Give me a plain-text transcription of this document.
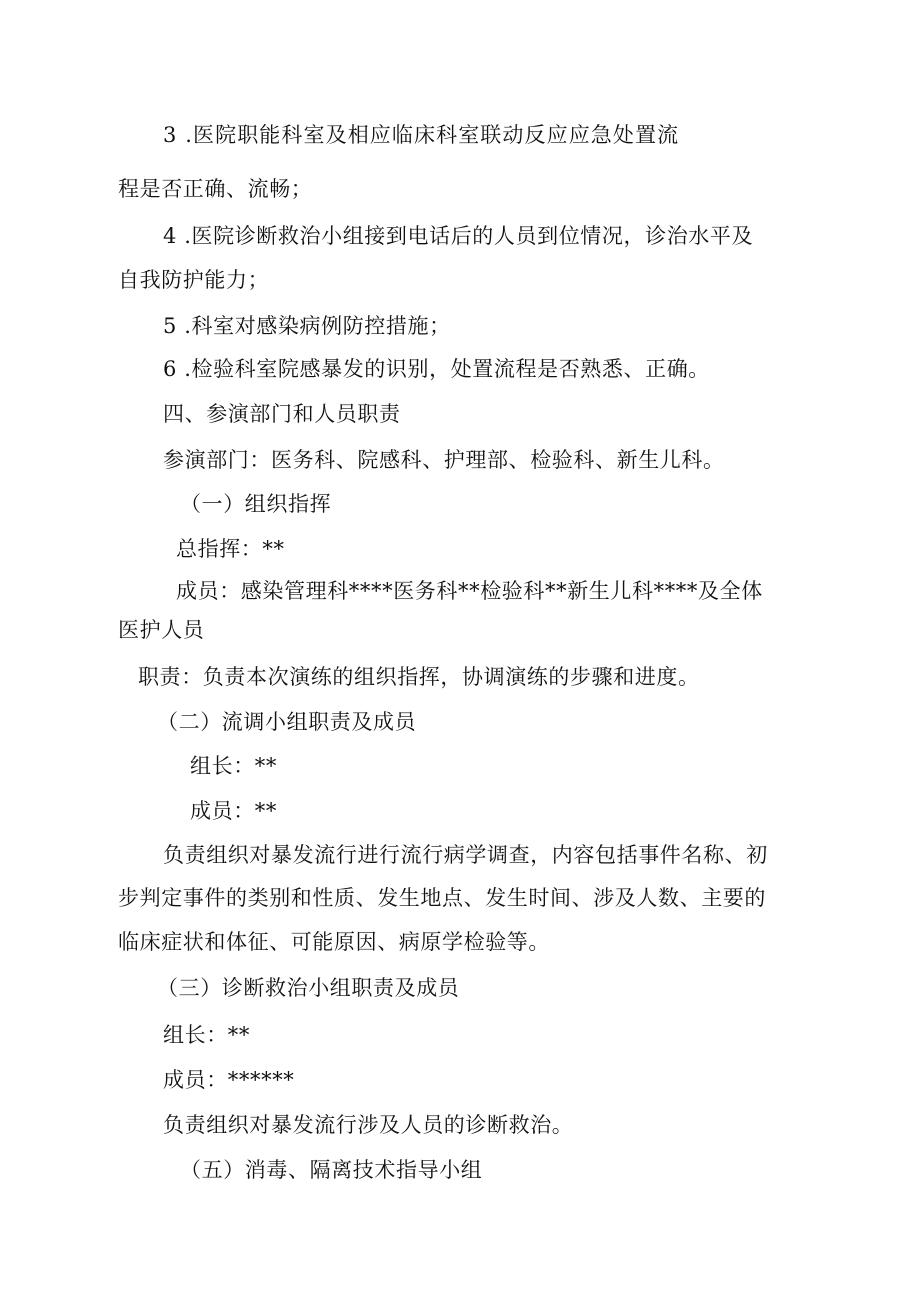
3 .医院职能科室及相应临床科室联动反应应急处置流
程是否正确、流畅；
4 .医院诊断救治小组接到电话后的人员到位情况，诊治水平及
自我防护能力；
5 .科室对感染病例防控措施；
6 .检验科室院感暴发的识别，处置流程是否熟悉、正确。
四、参演部门和人员职责
参演部门：医务科、院感科、护理部、检验科、新生儿科。
（一）组织指挥
总指挥：**
成员：感染管理科****医务科**检验科**新生儿科****及全体
医护人员
职责：负责本次演练的组织指挥，协调演练的步骤和进度。
（二）流调小组职责及成员
组长：**
成员：**
负责组织对暴发流行进行流行病学调查，内容包括事件名称、初
步判定事件的类别和性质、发生地点、发生时间、涉及人数、主要的
临床症状和体征、可能原因、病原学检验等。
（三）诊断救治小组职责及成员
组长：**
成员：******
负责组织对暴发流行涉及人员的诊断救治。
（五）消毒、隔离技术指导小组
